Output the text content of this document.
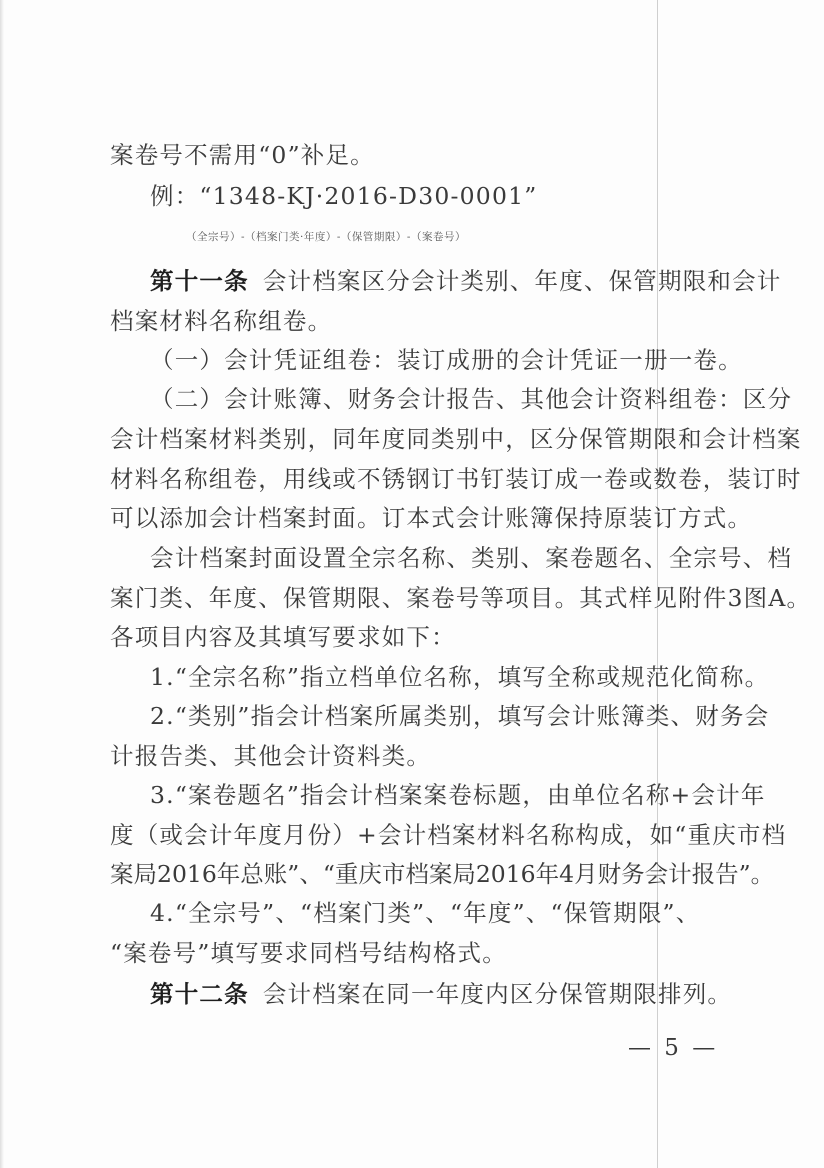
案卷号不需用“0”补足。
例：“1348-KJ·2016-D30-0001”
（全宗号）-（档案门类·年度）-（保管期限）-（案卷号）
第十一条 会计档案区分会计类别、年度、保管期限和会计
档案材料名称组卷。
（一）会计凭证组卷：装订成册的会计凭证一册一卷。
（二）会计账簿、财务会计报告、其他会计资料组卷：区分
会计档案材料类别，同年度同类别中，区分保管期限和会计档案
材料名称组卷，用线或不锈钢订书钉装订成一卷或数卷，装订时
可以添加会计档案封面。订本式会计账簿保持原装订方式。
会计档案封面设置全宗名称、类别、案卷题名、全宗号、档
案门类、年度、保管期限、案卷号等项目。其式样见附件3图A。
各项目内容及其填写要求如下：
1.“全宗名称”指立档单位名称，填写全称或规范化简称。
2.“类别”指会计档案所属类别，填写会计账簿类、财务会
计报告类、其他会计资料类。
3.“案卷题名”指会计档案案卷标题，由单位名称+会计年
度（或会计年度月份）+会计档案材料名称构成，如“重庆市档
案局2016年总账”、“重庆市档案局2016年4月财务会计报告”。
4.“全宗号”、“档案门类”、“年度”、“保管期限”、
“案卷号”填写要求同档号结构格式。
第十二条 会计档案在同一年度内区分保管期限排列。
— 5 —
